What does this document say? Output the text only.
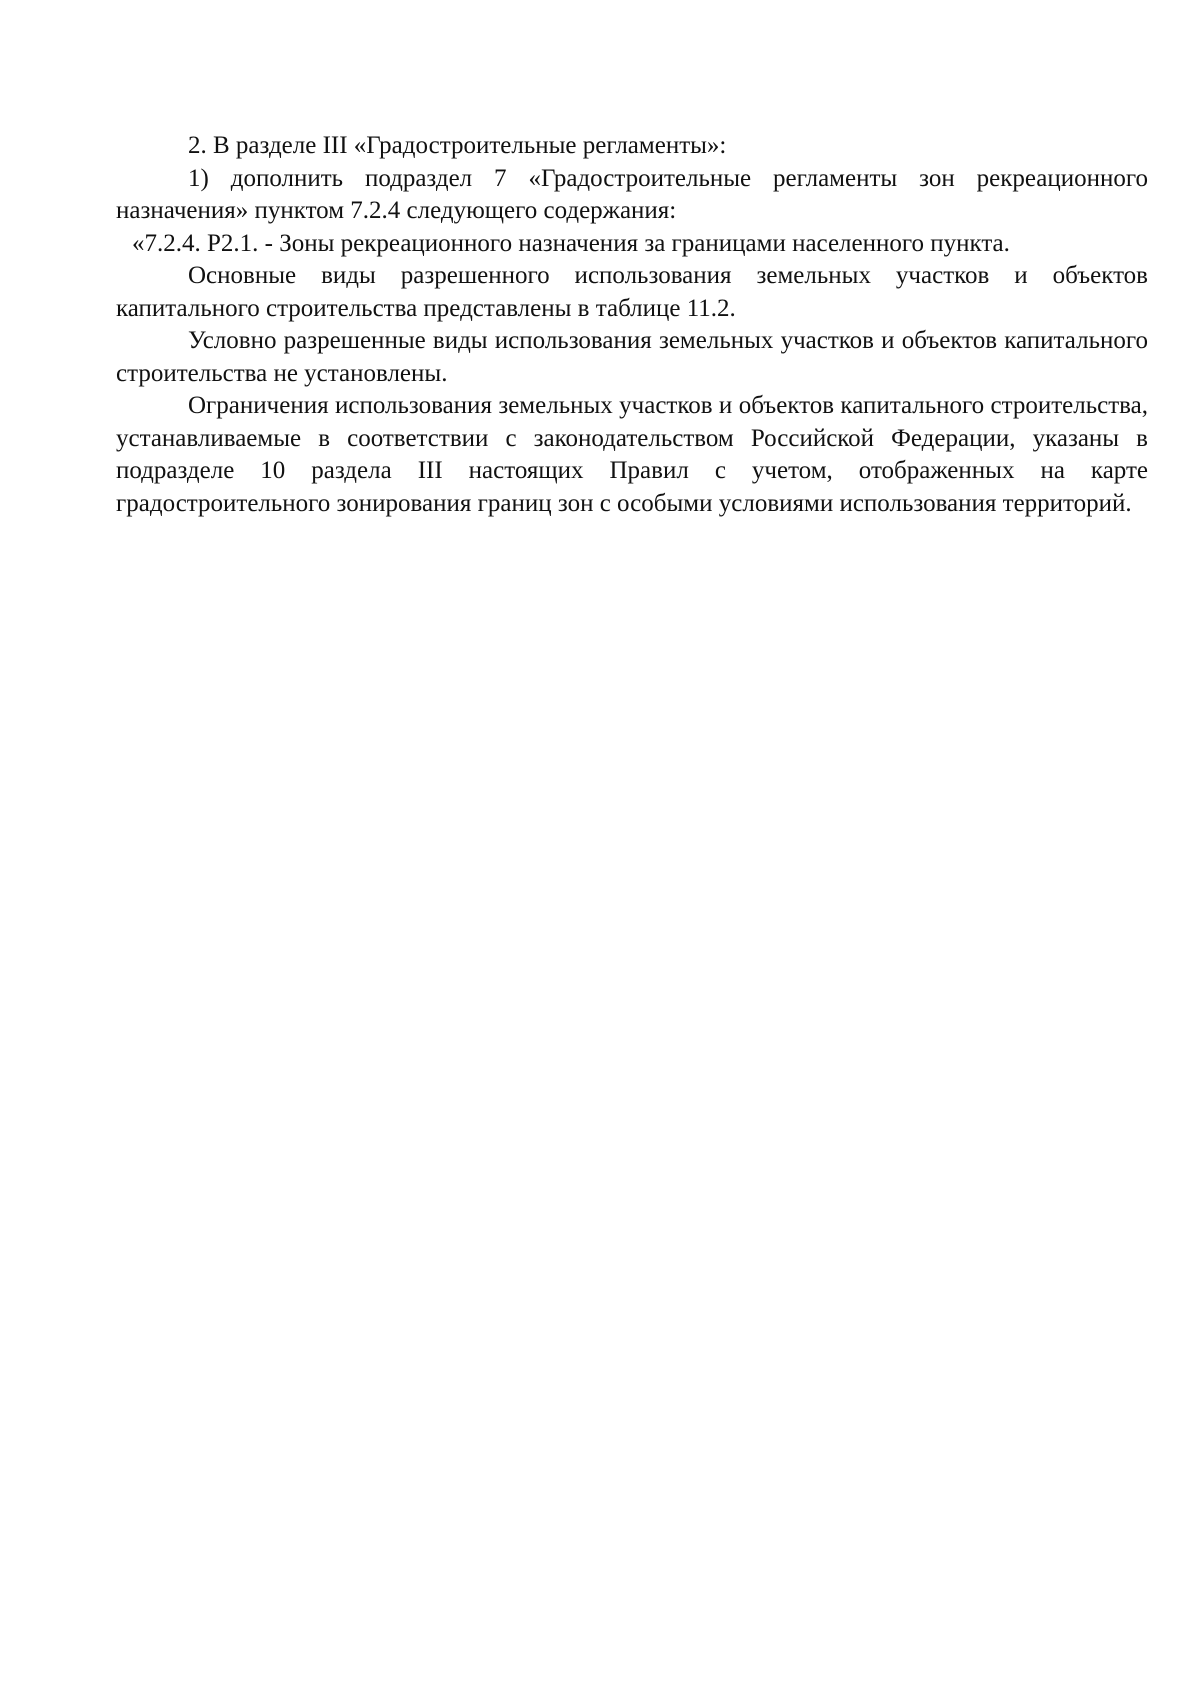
2. В разделе III «Градостроительные регламенты»:

1) дополнить подраздел 7 «Градостроительные регламенты зон рекреационного назначения» пунктом 7.2.4 следующего содержания:

«7.2.4. Р2.1. - Зоны рекреационного назначения за границами населенного пункта.

Основные виды разрешенного использования земельных участков и объектов капитального строительства представлены в таблице 11.2.

Условно разрешенные виды использования земельных участков и объектов капитального строительства не установлены.

Ограничения использования земельных участков и объектов капитального строительства, устанавливаемые в соответствии с законодательством Российской Федерации, указаны в подразделе 10 раздела III настоящих Правил с учетом, отображенных на карте градостроительного зонирования границ зон с особыми условиями использования территорий.
